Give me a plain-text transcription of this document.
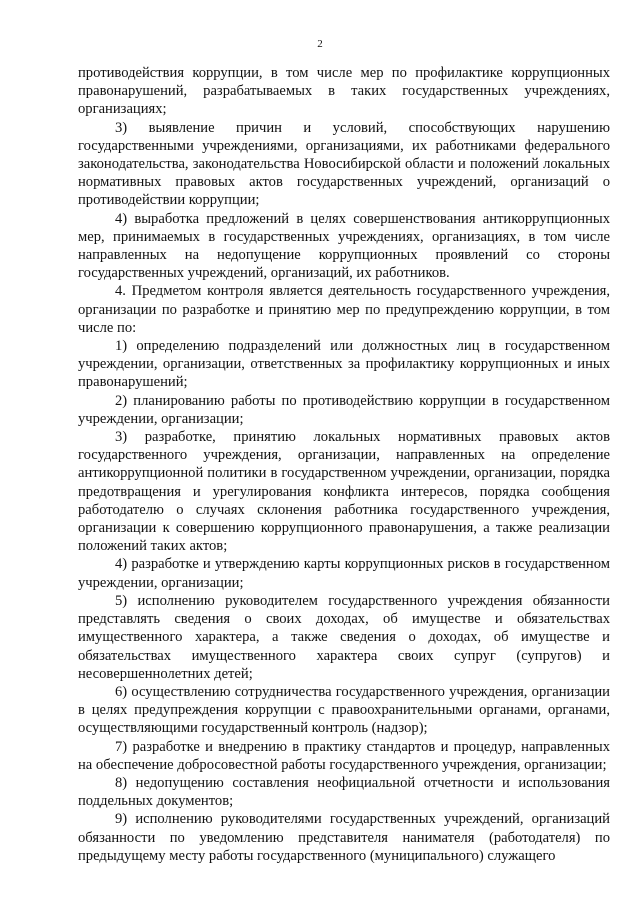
2

противодействия коррупции, в том числе мер по профилактике коррупционных правонарушений, разрабатываемых в таких государственных учреждениях, организациях;

3) выявление причин и условий, способствующих нарушению государственными учреждениями, организациями, их работниками федерального законодательства, законодательства Новосибирской области и положений локальных нормативных правовых актов государственных учреждений, организаций о противодействии коррупции;

4) выработка предложений в целях совершенствования антикоррупционных мер, принимаемых в государственных учреждениях, организациях, в том числе направленных на недопущение коррупционных проявлений со стороны государственных учреждений, организаций, их работников.

4. Предметом контроля является деятельность государственного учреждения, организации по разработке и принятию мер по предупреждению коррупции, в том числе по:

1) определению подразделений или должностных лиц в государственном учреждении, организации, ответственных за профилактику коррупционных и иных правонарушений;

2) планированию работы по противодействию коррупции в государственном учреждении, организации;

3) разработке, принятию локальных нормативных правовых актов государственного учреждения, организации, направленных на определение антикоррупционной политики в государственном учреждении, организации, порядка предотвращения и урегулирования конфликта интересов, порядка сообщения работодателю о случаях склонения работника государственного учреждения, организации к совершению коррупционного правонарушения, а также реализации положений таких актов;

4) разработке и утверждению карты коррупционных рисков в государственном учреждении, организации;

5) исполнению руководителем государственного учреждения обязанности представлять сведения о своих доходах, об имуществе и обязательствах имущественного характера, а также сведения о доходах, об имуществе и обязательствах имущественного характера своих супруг (супругов) и несовершеннолетних детей;

6) осуществлению сотрудничества государственного учреждения, организации в целях предупреждения коррупции с правоохранительными органами, органами, осуществляющими государственный контроль (надзор);

7) разработке и внедрению в практику стандартов и процедур, направленных на обеспечение добросовестной работы государственного учреждения, организации;

8) недопущению составления неофициальной отчетности и использования поддельных документов;

9) исполнению руководителями государственных учреждений, организаций обязанности по уведомлению представителя нанимателя (работодателя) по предыдущему месту работы государственного (муниципального) служащего
